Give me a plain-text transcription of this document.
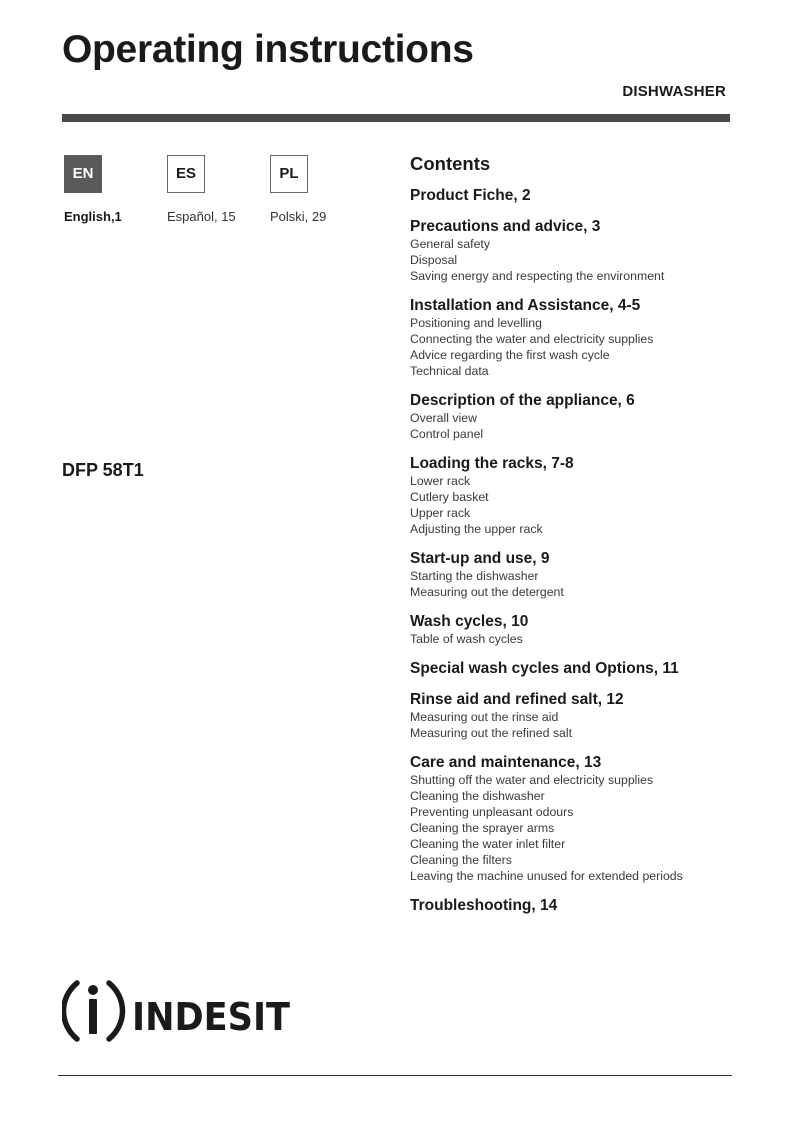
Operating instructions
DISHWASHER
EN
English,1
ES
Español, 15
PL
Polski, 29
DFP 58T1
Contents
Product Fiche, 2
Precautions and advice, 3
General safety
Disposal
Saving energy and respecting the environment
Installation and Assistance, 4-5
Positioning and levelling
Connecting the water and electricity supplies
Advice regarding the first wash cycle
Technical data
Description of the appliance, 6
Overall view
Control panel
Loading the racks, 7-8
Lower rack
Cutlery basket
Upper rack
Adjusting the upper rack
Start-up and use, 9
Starting the dishwasher
Measuring out the detergent
Wash cycles, 10
Table of wash cycles
Special wash cycles and Options, 11
Rinse aid and refined salt, 12
Measuring out the rinse aid
Measuring out the refined salt
Care and maintenance, 13
Shutting off the water and electricity supplies
Cleaning the dishwasher
Preventing unpleasant odours
Cleaning the sprayer arms
Cleaning the water inlet filter
Cleaning the filters
Leaving the machine unused for extended periods
Troubleshooting, 14
INDESIT
